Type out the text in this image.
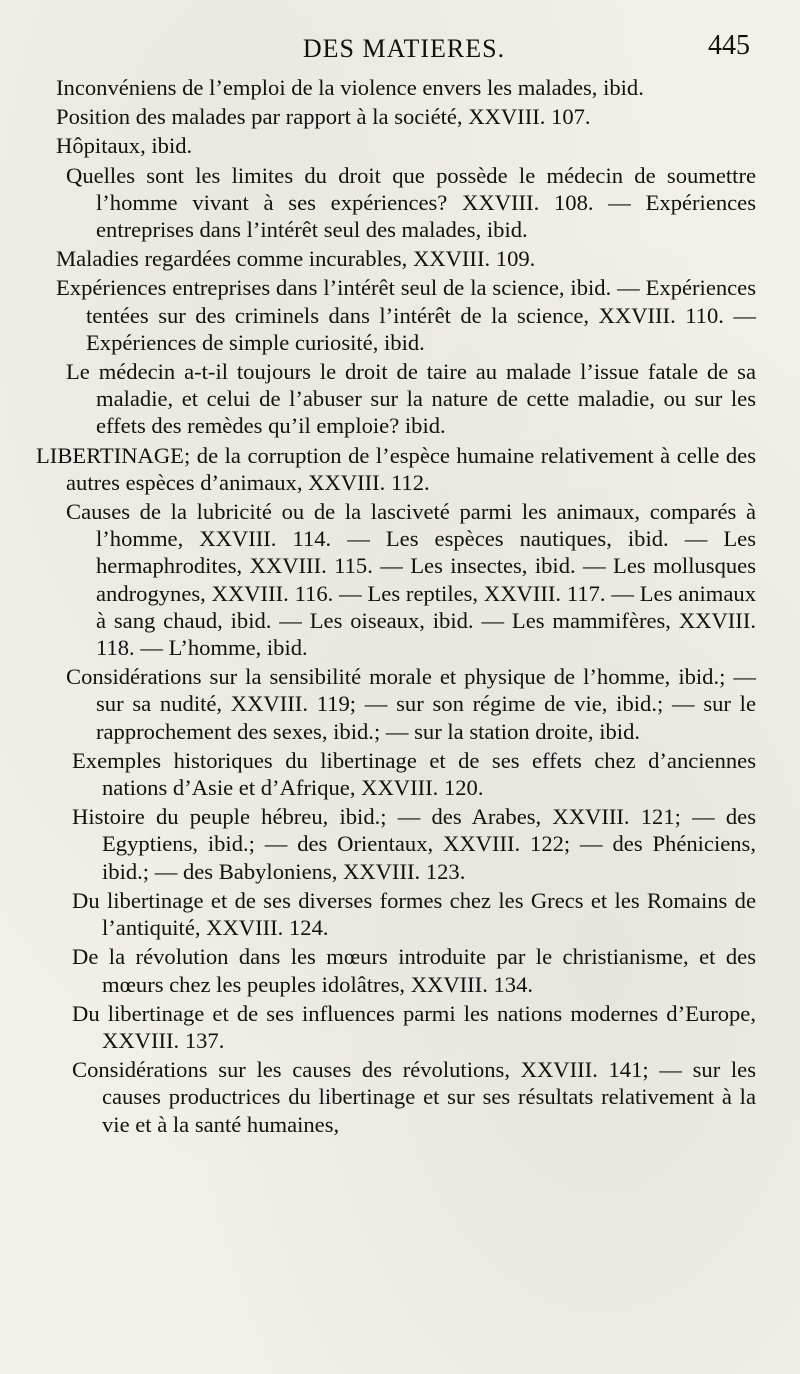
DES MATIERES.	445

Inconvéniens de l’emploi de la violence envers les malades, ibid.

Position des malades par rapport à la société, XXVIII. 107.

Hôpitaux, ibid.

Quelles sont les limites du droit que possède le médecin de soumettre l’homme vivant à ses expériences? XXVIII. 108. — Expériences entreprises dans l’intérêt seul des malades, ibid.

Maladies regardées comme incurables, XXVIII. 109.

Expériences entreprises dans l’intérêt seul de la science, ibid. — Expériences tentées sur des criminels dans l’intérêt de la science, XXVIII. 110. — Expériences de simple curiosité, ibid.

Le médecin a-t-il toujours le droit de taire au malade l’issue fatale de sa maladie, et celui de l’abuser sur la nature de cette maladie, ou sur les effets des remèdes qu’il emploie? ibid.

LIBERTINAGE; de la corruption de l’espèce humaine relativement à celle des autres espèces d’animaux, XXVIII. 112.

Causes de la lubricité ou de la lasciveté parmi les animaux, comparés à l’homme, XXVIII. 114. — Les espèces nautiques, ibid. — Les hermaphrodites, XXVIII. 115. — Les insectes, ibid. — Les mollusques androgynes, XXVIII. 116. — Les reptiles, XXVIII. 117. — Les animaux à sang chaud, ibid. — Les oiseaux, ibid. — Les mammifères, XXVIII. 118. — L’homme, ibid.

Considérations sur la sensibilité morale et physique de l’homme, ibid.; — sur sa nudité, XXVIII. 119; — sur son régime de vie, ibid.; — sur le rapprochement des sexes, ibid.; — sur la station droite, ibid.

Exemples historiques du libertinage et de ses effets chez d’anciennes nations d’Asie et d’Afrique, XXVIII. 120.

Histoire du peuple hébreu, ibid.; — des Arabes, XXVIII. 121; — des Egyptiens, ibid.; — des Orientaux, XXVIII. 122; — des Phéniciens, ibid.; — des Babyloniens, XXVIII. 123.

Du libertinage et de ses diverses formes chez les Grecs et les Romains de l’antiquité, XXVIII. 124.

De la révolution dans les mœurs introduite par le christianisme, et des mœurs chez les peuples idolâtres, XXVIII. 134.

Du libertinage et de ses influences parmi les nations modernes d’Europe, XXVIII. 137.

Considérations sur les causes des révolutions, XXVIII. 141; — sur les causes productrices du libertinage et sur ses résultats relativement à la vie et à la santé humaines,
